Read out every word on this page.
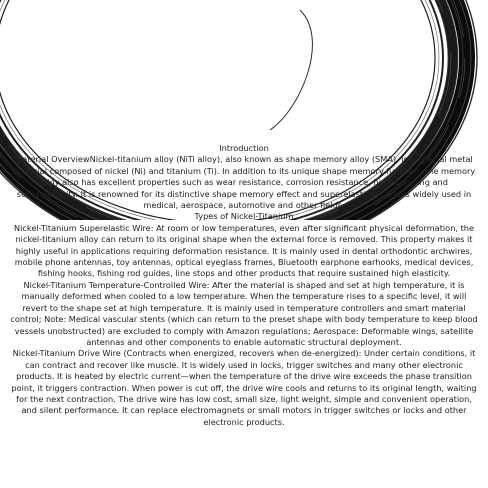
Introduction

Material OverviewNickel-titanium alloy (NiTi alloy), also known as shape memory alloy (SMA), is a special metal material composed of nickel (Ni) and titanium (Ti). In addition to its unique shape memory function, the memory alloy also has excellent properties such as wear resistance, corrosion resistance, high damping and superelasticity. It is renowned for its distinctive shape memory effect and superelasticity, and is widely used in medical, aerospace, automotive and other fields.

Types of Nickel-Titanium

Nickel-Titanium Superelastic Wire: At room or low temperatures, even after significant physical deformation, the nickel-titanium alloy can return to its original shape when the external force is removed. This property makes it highly useful in applications requiring deformation resistance. It is mainly used in dental orthodontic archwires, mobile phone antennas, toy antennas, optical eyeglass frames, Bluetooth earphone earhooks, medical devices, fishing hooks, fishing rod guides, line stops and other products that require sustained high elasticity.

Nickel-Titanium Temperature-Controlled Wire: After the material is shaped and set at high temperature, it is manually deformed when cooled to a low temperature. When the temperature rises to a specific level, it will revert to the shape set at high temperature. It is mainly used in temperature controllers and smart material control; Note: Medical vascular stents (which can return to the preset shape with body temperature to keep blood vessels unobstructed) are excluded to comply with Amazon regulations; Aerospace: Deformable wings, satellite antennas and other components to enable automatic structural deployment.

Nickel-Titanium Drive Wire (Contracts when energized, recovers when de-energized): Under certain conditions, it can contract and recover like muscle. It is widely used in locks, trigger switches and many other electronic products. It is heated by electric current—when the temperature of the drive wire exceeds the phase transition point, it triggers contraction. When power is cut off, the drive wire cools and returns to its original length, waiting for the next contraction. The drive wire has low cost, small size, light weight, simple and convenient operation, and silent performance. It can replace electromagnets or small motors in trigger switches or locks and other electronic products.
